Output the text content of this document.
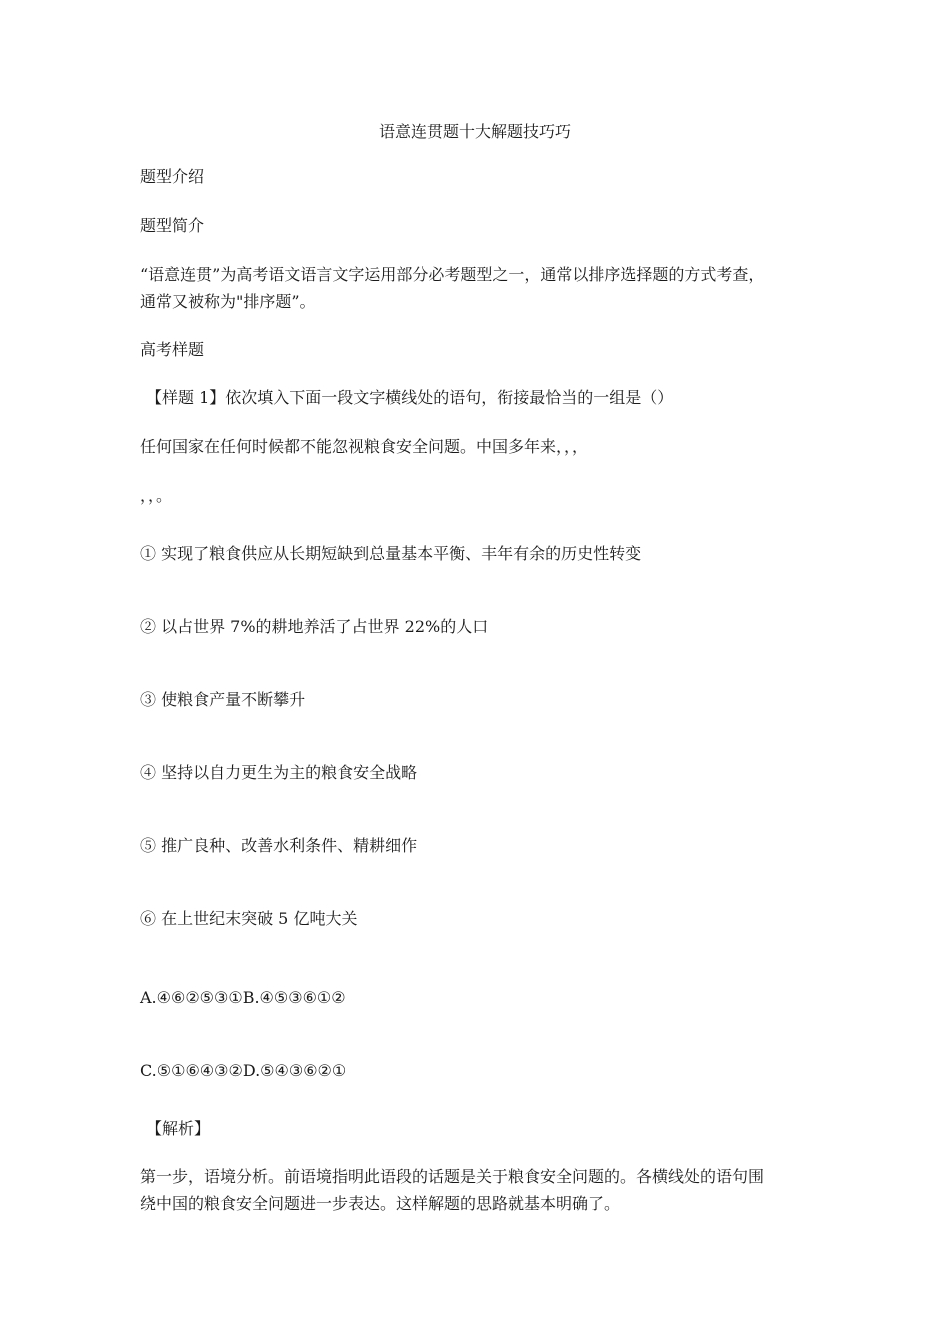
语意连贯题十大解题技巧巧
题型介绍
题型简介
“语意连贯”为高考语文语言文字运用部分必考题型之一，通常以排序选择题的方式考查，
通常又被称为"排序题”。
高考样题
【样题 1】依次填入下面一段文字横线处的语句，衔接最恰当的一组是（）
任何国家在任何时候都不能忽视粮食安全问题。中国多年来，，，
，，。
① 实现了粮食供应从长期短缺到总量基本平衡、丰年有余的历史性转变
② 以占世界 7%的耕地养活了占世界 22%的人口
③ 使粮食产量不断攀升
④ 坚持以自力更生为主的粮食安全战略
⑤ 推广良种、改善水利条件、精耕细作
⑥ 在上世纪末突破 5 亿吨大关
A.④⑥②⑤③①B.④⑤③⑥①②
C.⑤①⑥④③②D.⑤④③⑥②①
【解析】
第一步，语境分析。前语境指明此语段的话题是关于粮食安全问题的。各横线处的语句围
绕中国的粮食安全问题进一步表达。这样解题的思路就基本明确了。
